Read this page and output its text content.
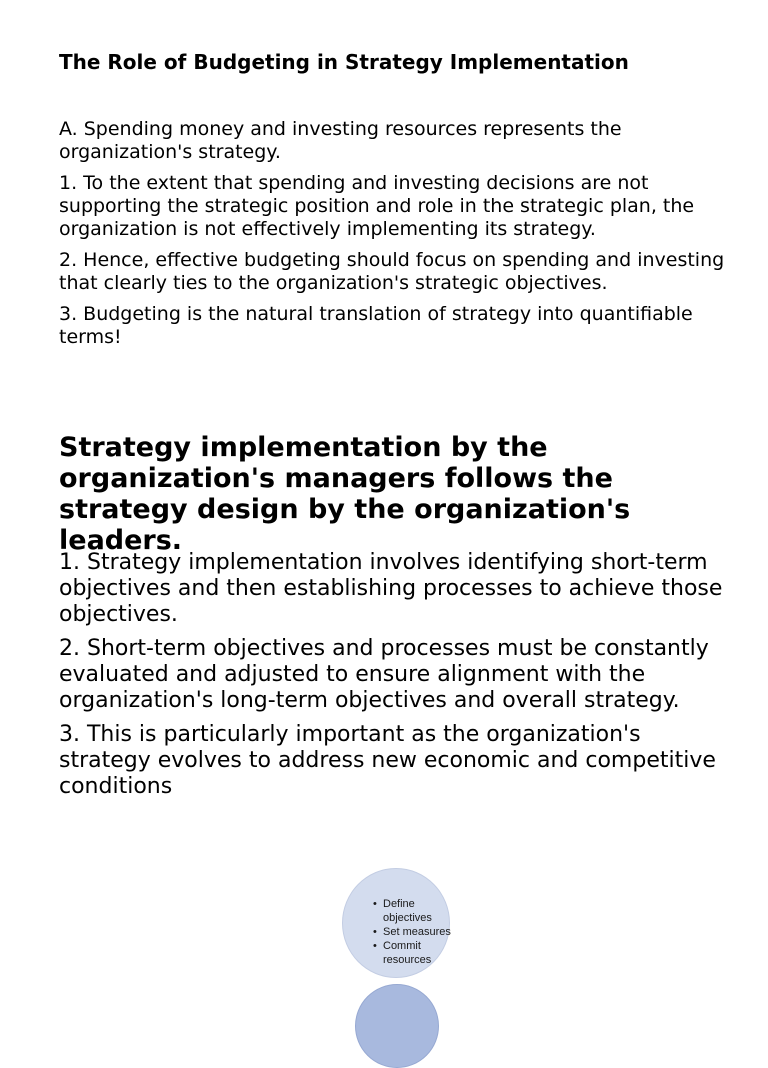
The Role of Budgeting in Strategy Implementation

A. Spending money and investing resources represents the organization's strategy.

1. To the extent that spending and investing decisions are not supporting the strategic position and role in the strategic plan, the organization is not effectively implementing its strategy.

2. Hence, effective budgeting should focus on spending and investing that clearly ties to the organization's strategic objectives.

3. Budgeting is the natural translation of strategy into quantifiable terms!

Strategy implementation by the organization's managers follows the strategy design by the organization's leaders.

1. Strategy implementation involves identifying short-term objectives and then establishing processes to achieve those objectives.

2. Short-term objectives and processes must be constantly evaluated and adjusted to ensure alignment with the organization's long-term objectives and overall strategy.

3. This is particularly important as the organization's strategy evolves to address new economic and competitive conditions

• Define
objectives
• Set measures
• Commit
resources
